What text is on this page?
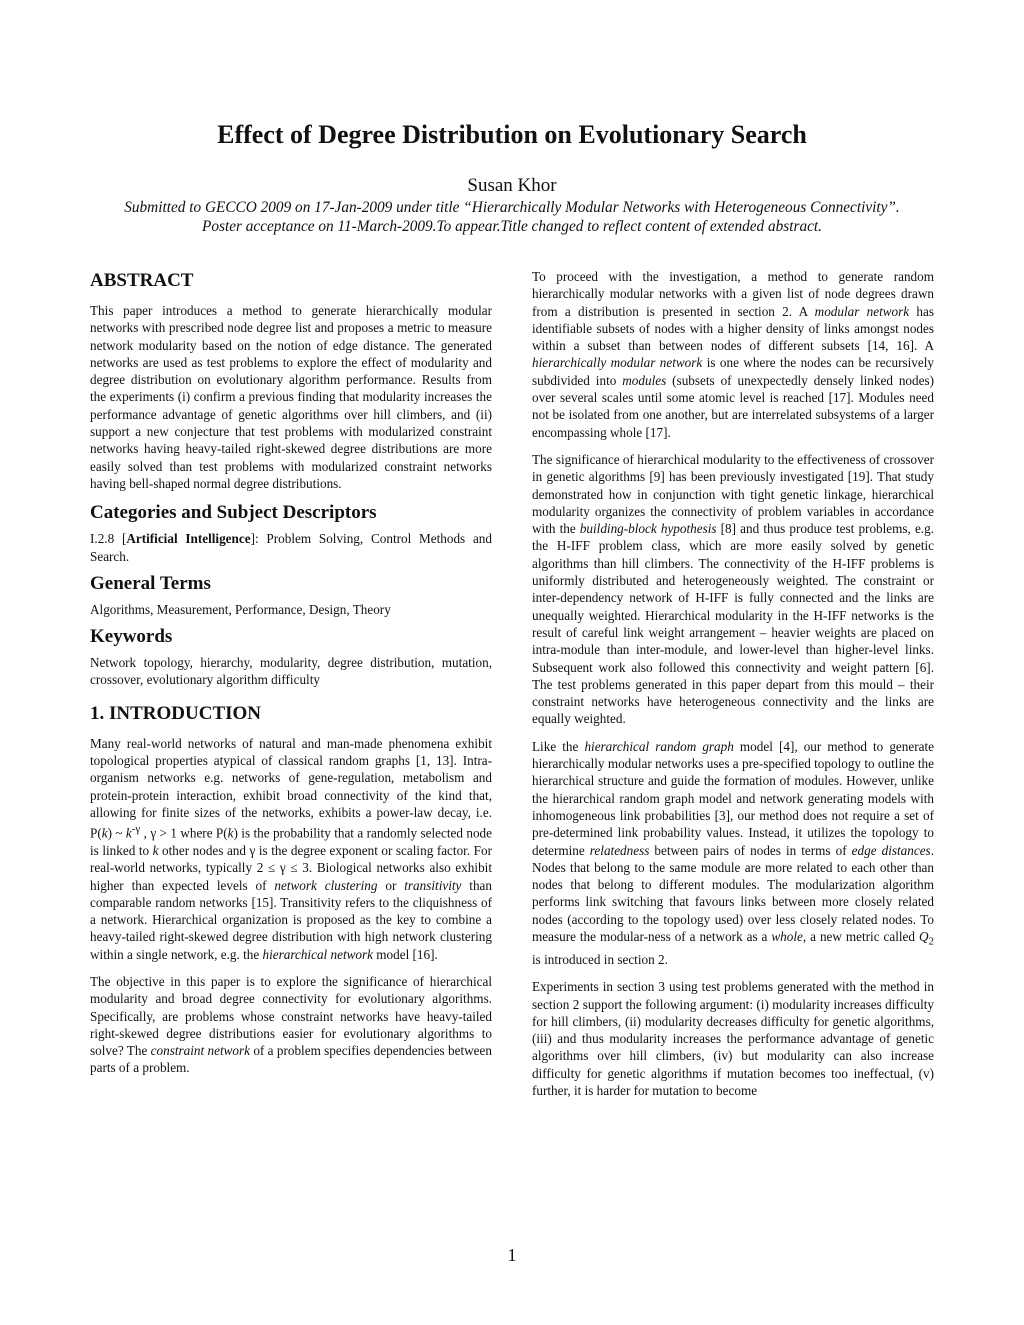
Effect of Degree Distribution on Evolutionary Search

Susan Khor

Submitted to GECCO 2009 on 17-Jan-2009 under title “Hierarchically Modular Networks with Heterogeneous Connectivity”. Poster acceptance on 11-March-2009.To appear.Title changed to reflect content of extended abstract.

ABSTRACT

This paper introduces a method to generate hierarchically modular networks with prescribed node degree list and proposes a metric to measure network modularity based on the notion of edge distance. The generated networks are used as test problems to explore the effect of modularity and degree distribution on evolutionary algorithm performance. Results from the experiments (i) confirm a previous finding that modularity increases the performance advantage of genetic algorithms over hill climbers, and (ii) support a new conjecture that test problems with modularized constraint networks having heavy-tailed right-skewed degree distributions are more easily solved than test problems with modularized constraint networks having bell-shaped normal degree distributions.

Categories and Subject Descriptors

I.2.8 [Artificial Intelligence]: Problem Solving, Control Methods and Search.

General Terms

Algorithms, Measurement, Performance, Design, Theory

Keywords

Network topology, hierarchy, modularity, degree distribution, mutation, crossover, evolutionary algorithm difficulty

1. INTRODUCTION

Many real-world networks of natural and man-made phenomena exhibit topological properties atypical of classical random graphs [1, 13]. Intra-organism networks e.g. networks of gene-regulation, metabolism and protein-protein interaction, exhibit broad connectivity of the kind that, allowing for finite sizes of the networks, exhibits a power-law decay, i.e. P(k) ~ $k^{-\gamma}$ , γ > 1 where P(k) is the probability that a randomly selected node is linked to k other nodes and γ is the degree exponent or scaling factor. For real-world networks, typically 2 ≤ γ ≤ 3. Biological networks also exhibit higher than expected levels of network clustering or transitivity than comparable random networks [15]. Transitivity refers to the cliquishness of a network. Hierarchical organization is proposed as the key to combine a heavy-tailed right-skewed degree distribution with high network clustering within a single network, e.g. the hierarchical network model [16].

The objective in this paper is to explore the significance of hierarchical modularity and broad degree connectivity for evolutionary algorithms. Specifically, are problems whose constraint networks have heavy-tailed right-skewed degree distributions easier for evolutionary algorithms to solve? The constraint network of a problem specifies dependencies between parts of a problem.

To proceed with the investigation, a method to generate random hierarchically modular networks with a given list of node degrees drawn from a distribution is presented in section 2. A modular network has identifiable subsets of nodes with a higher density of links amongst nodes within a subset than between nodes of different subsets [14, 16]. A hierarchically modular network is one where the nodes can be recursively subdivided into modules (subsets of unexpectedly densely linked nodes) over several scales until some atomic level is reached [17]. Modules need not be isolated from one another, but are interrelated subsystems of a larger encompassing whole [17].

The significance of hierarchical modularity to the effectiveness of crossover in genetic algorithms [9] has been previously investigated [19]. That study demonstrated how in conjunction with tight genetic linkage, hierarchical modularity organizes the connectivity of problem variables in accordance with the building-block hypothesis [8] and thus produce test problems, e.g. the H-IFF problem class, which are more easily solved by genetic algorithms than hill climbers. The connectivity of the H-IFF problems is uniformly distributed and heterogeneously weighted. The constraint or inter-dependency network of H-IFF is fully connected and the links are unequally weighted. Hierarchical modularity in the H-IFF networks is the result of careful link weight arrangement – heavier weights are placed on intra-module than inter-module, and lower-level than higher-level links. Subsequent work also followed this connectivity and weight pattern [6]. The test problems generated in this paper depart from this mould – their constraint networks have heterogeneous connectivity and the links are equally weighted.

Like the hierarchical random graph model [4], our method to generate hierarchically modular networks uses a pre-specified topology to outline the hierarchical structure and guide the formation of modules. However, unlike the hierarchical random graph model and network generating models with inhomogeneous link probabilities [3], our method does not require a set of pre-determined link probability values. Instead, it utilizes the topology to determine relatedness between pairs of nodes in terms of edge distances. Nodes that belong to the same module are more related to each other than nodes that belong to different modules. The modularization algorithm performs link switching that favours links between more closely related nodes (according to the topology used) over less closely related nodes. To measure the modular-ness of a network as a whole, a new metric called $Q_2$ is introduced in section 2.

Experiments in section 3 using test problems generated with the method in section 2 support the following argument: (i) modularity increases difficulty for hill climbers, (ii) modularity decreases difficulty for genetic algorithms, (iii) and thus modularity increases the performance advantage of genetic algorithms over hill climbers, (iv) but modularity can also increase difficulty for genetic algorithms if mutation becomes too ineffectual, (v) further, it is harder for mutation to become

1
